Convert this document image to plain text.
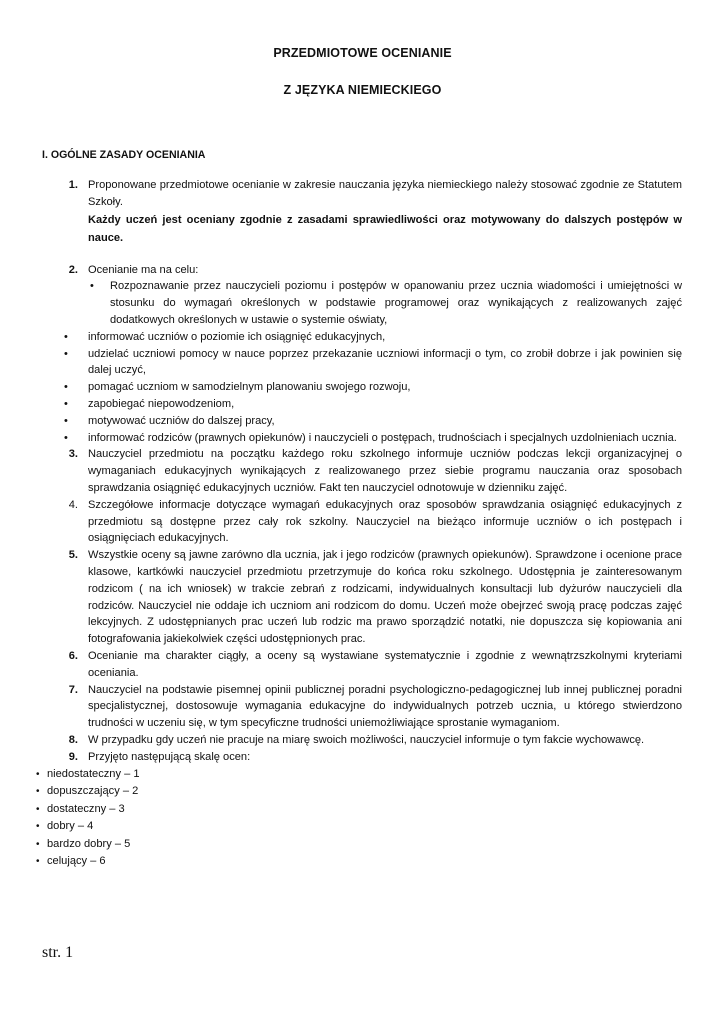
PRZEDMIOTOWE OCENIANIE
Z JĘZYKA NIEMIECKIEGO
I. OGÓLNE ZASADY OCENIANIA
1. Proponowane przedmiotowe ocenianie w zakresie nauczania języka niemieckiego należy stosować zgodnie ze Statutem Szkoły.
Każdy uczeń jest oceniany zgodnie z zasadami sprawiedliwości oraz motywowany do dalszych postępów w nauce.
2. Ocenianie ma na celu:
• Rozpoznawanie przez nauczycieli poziomu i postępów w opanowaniu przez ucznia wiadomości i umiejętności w stosunku do wymagań określonych w podstawie programowej oraz wynikających z realizowanych zajęć dodatkowych określonych w ustawie o systemie oświaty,
• informować uczniów o poziomie ich osiągnięć edukacyjnych,
• udzielać uczniowi pomocy w nauce poprzez przekazanie uczniowi informacji o tym, co zrobił dobrze i jak powinien się dalej uczyć,
• pomagać uczniom w samodzielnym planowaniu swojego rozwoju,
• zapobiegać niepowodzeniom,
• motywować uczniów do dalszej pracy,
• informować rodziców (prawnych opiekunów) i nauczycieli o postępach, trudnościach i specjalnych uzdolnieniach ucznia.
3. Nauczyciel przedmiotu na początku każdego roku szkolnego informuje uczniów podczas lekcji organizacyjnej o wymaganiach edukacyjnych wynikających z realizowanego przez siebie programu nauczania oraz sposobach sprawdzania osiągnięć edukacyjnych uczniów. Fakt ten nauczyciel odnotowuje w dzienniku zajęć.
4. Szczegółowe informacje dotyczące wymagań edukacyjnych oraz sposobów sprawdzania osiągnięć edukacyjnych z przedmiotu są dostępne przez cały rok szkolny. Nauczyciel na bieżąco informuje uczniów o ich postępach i osiągnięciach edukacyjnych.
5. Wszystkie oceny są jawne zarówno dla ucznia, jak i jego rodziców (prawnych opiekunów). Sprawdzone i ocenione prace klasowe, kartkówki nauczyciel przedmiotu przetrzymuje do końca roku szkolnego. Udostępnia je zainteresowanym rodzicom ( na ich wniosek) w trakcie zebrań z rodzicami, indywidualnych konsultacji lub dyżurów nauczycieli dla rodziców. Nauczyciel nie oddaje ich uczniom ani rodzicom do domu. Uczeń może obejrzeć swoją pracę podczas zajęć lekcyjnych. Z udostępnianych prac uczeń lub rodzic ma prawo sporządzić notatki, nie dopuszcza się kopiowania ani fotografowania jakiekolwiek części udostępnionych prac.
6. Ocenianie ma charakter ciągły, a oceny są wystawiane systematycznie i zgodnie z wewnątrzszkolnymi kryteriami oceniania.
7. Nauczyciel na podstawie pisemnej opinii publicznej poradni psychologiczno-pedagogicznej lub innej publicznej poradni specjalistycznej, dostosowuje wymagania edukacyjne do indywidualnych potrzeb ucznia, u którego stwierdzono trudności w uczeniu się, w tym specyficzne trudności uniemożliwiające sprostanie wymaganiom.
8. W przypadku gdy uczeń nie pracuje na miarę swoich możliwości, nauczyciel informuje o tym fakcie wychowawcę.
9. Przyjęto następującą skalę ocen:
• niedostateczny – 1
• dopuszczający – 2
• dostateczny – 3
• dobry – 4
• bardzo dobry – 5
• celujący – 6
str. 1
